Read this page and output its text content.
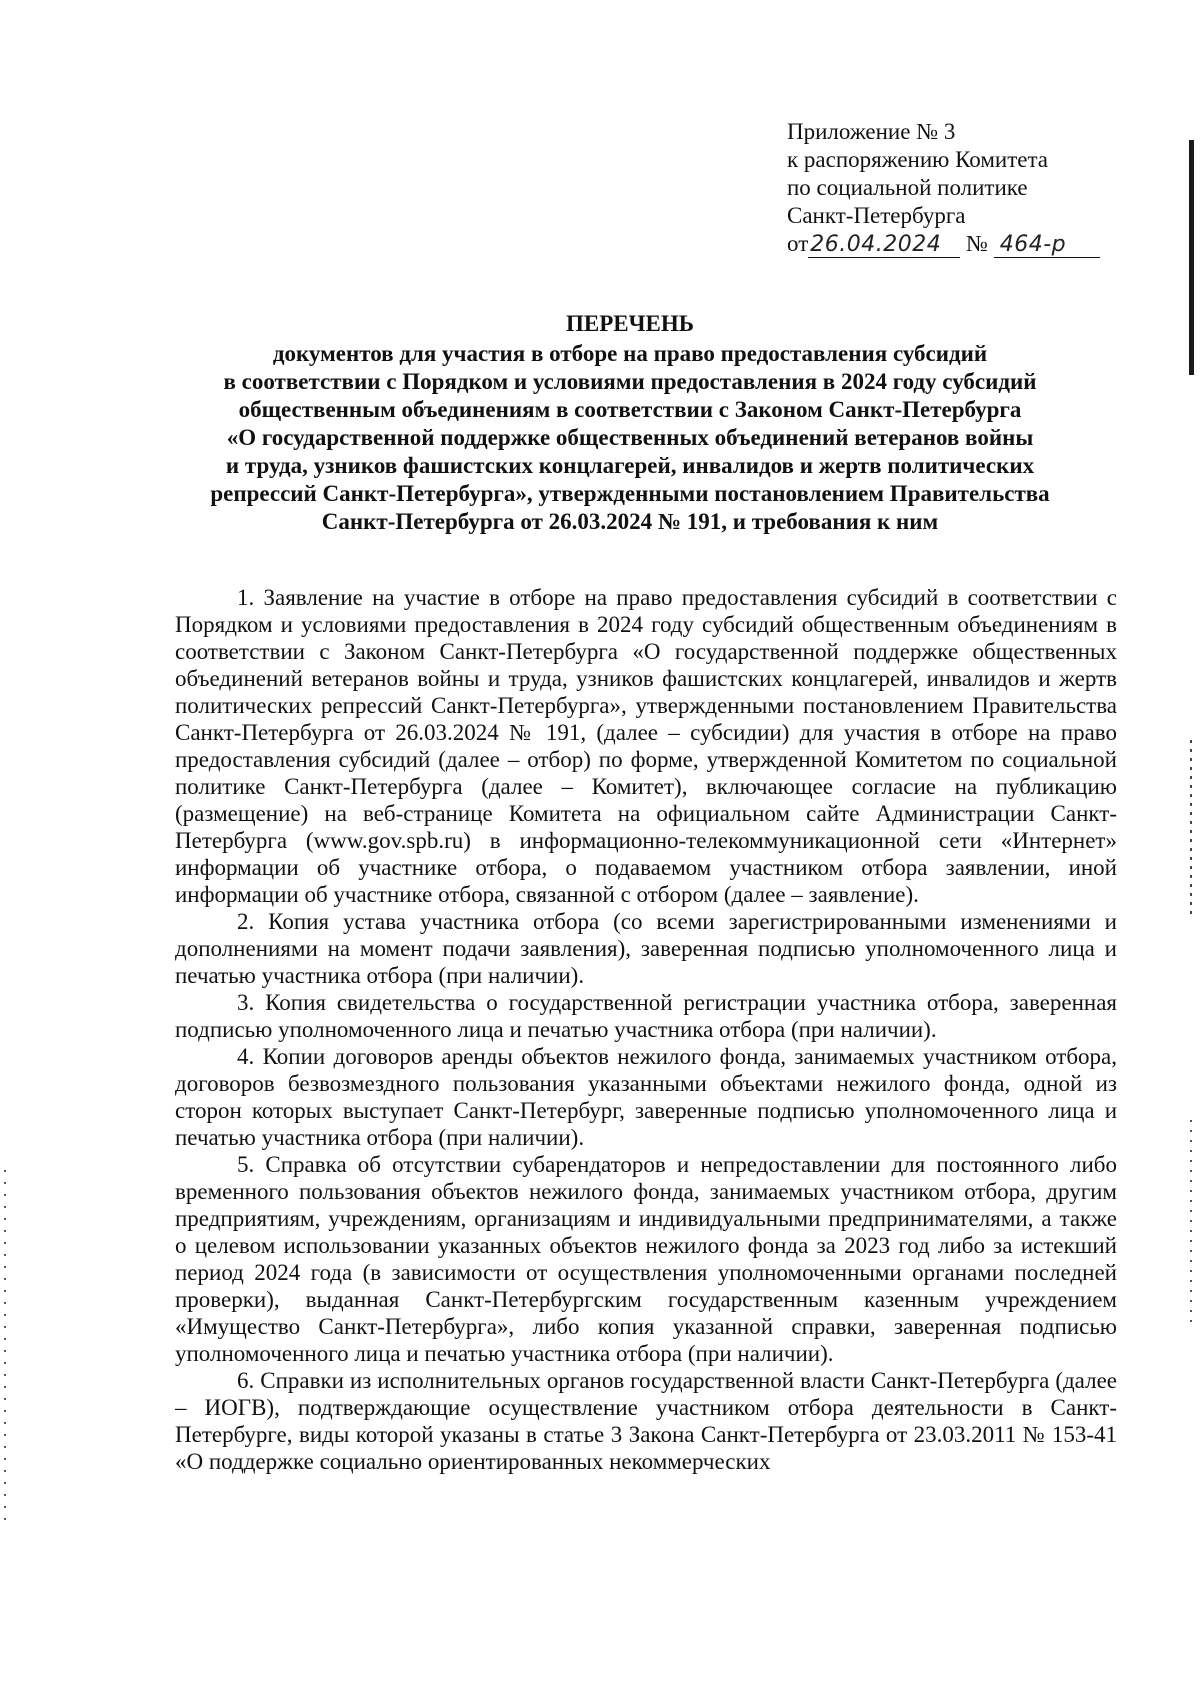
Приложение № 3
к распоряжению Комитета
по социальной политике
Санкт-Петербурга
от26.04.2024 № 464-р
ПЕРЕЧЕНЬ
документов для участия в отборе на право предоставления субсидий
в соответствии с Порядком и условиями предоставления в 2024 году субсидий
общественным объединениям в соответствии с Законом Санкт-Петербурга
«О государственной поддержке общественных объединений ветеранов войны
и труда, узников фашистских концлагерей, инвалидов и жертв политических
репрессий Санкт-Петербурга», утвержденными постановлением Правительства
Санкт-Петербурга от 26.03.2024 № 191, и требования к ним

1. Заявление на участие в отборе на право предоставления субсидий в соответствии с Порядком и условиями предоставления в 2024 году субсидий общественным объединениям в соответствии с Законом Санкт-Петербурга «О государственной поддержке общественных объединений ветеранов войны и труда, узников фашистских концлагерей, инвалидов и жертв политических репрессий Санкт-Петербурга», утвержденными постановлением Правительства Санкт-Петербурга от 26.03.2024 № 191, (далее – субсидии) для участия в отборе на право предоставления субсидий (далее – отбор) по форме, утвержденной Комитетом по социальной политике Санкт-Петербурга (далее – Комитет), включающее согласие на публикацию (размещение) на веб-странице Комитета на официальном сайте Администрации Санкт-Петербурга (www.gov.spb.ru) в информационно-телекоммуникационной сети «Интернет» информации об участнике отбора, о подаваемом участником отбора заявлении, иной информации об участнике отбора, связанной с отбором (далее – заявление).

2. Копия устава участника отбора (со всеми зарегистрированными изменениями и дополнениями на момент подачи заявления), заверенная подписью уполномоченного лица и печатью участника отбора (при наличии).

3. Копия свидетельства о государственной регистрации участника отбора, заверенная подписью уполномоченного лица и печатью участника отбора (при наличии).

4. Копии договоров аренды объектов нежилого фонда, занимаемых участником отбора, договоров безвозмездного пользования указанными объектами нежилого фонда, одной из сторон которых выступает Санкт-Петербург, заверенные подписью уполномоченного лица и печатью участника отбора (при наличии).

5. Справка об отсутствии субарендаторов и непредоставлении для постоянного либо временного пользования объектов нежилого фонда, занимаемых участником отбора, другим предприятиям, учреждениям, организациям и индивидуальными предпринимателями, а также о целевом использовании указанных объектов нежилого фонда за 2023 год либо за истекший период 2024 года (в зависимости от осуществления уполномоченными органами последней проверки), выданная Санкт-Петербургским государственным казенным учреждением «Имущество Санкт-Петербурга», либо копия указанной справки, заверенная подписью уполномоченного лица и печатью участника отбора (при наличии).

6. Справки из исполнительных органов государственной власти Санкт-Петербурга (далее – ИОГВ), подтверждающие осуществление участником отбора деятельности в Санкт-Петербурге, виды которой указаны в статье 3 Закона Санкт-Петербурга от 23.03.2011 № 153-41 «О поддержке социально ориентированных некоммерческих
